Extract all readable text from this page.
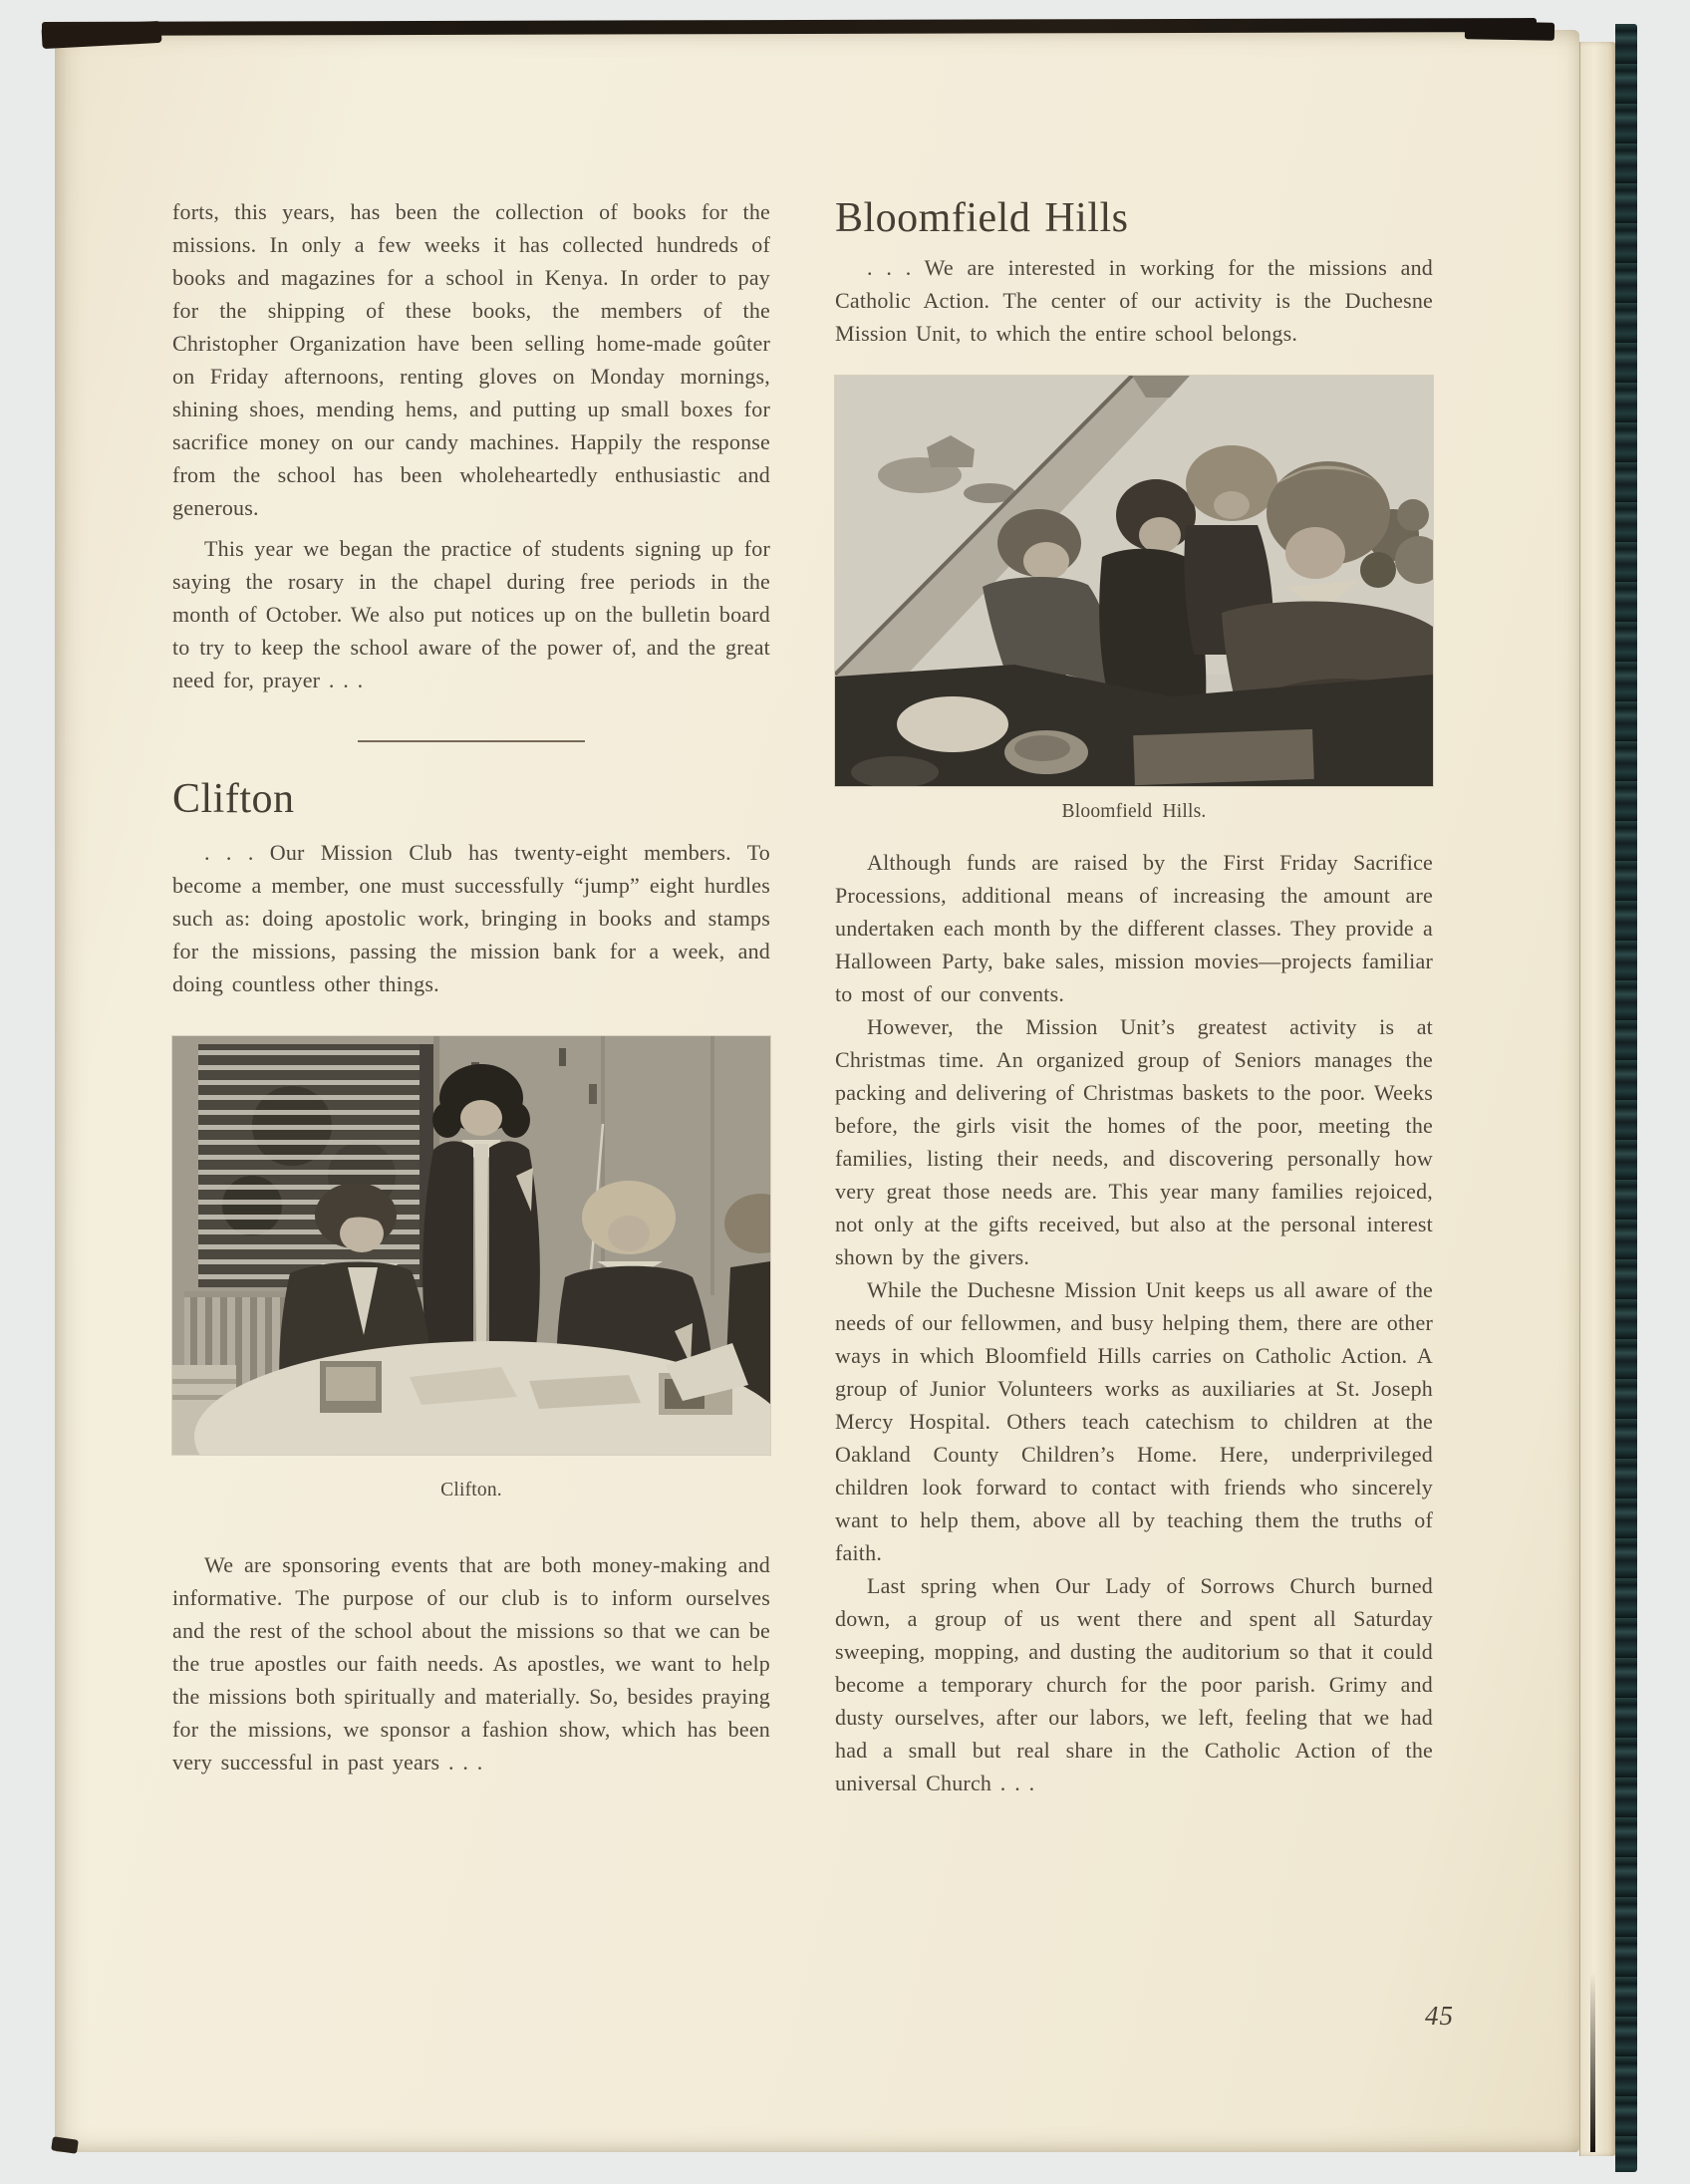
forts, this years, has been the collection of books for the missions. In only a few weeks it has collected hundreds of books and magazines for a school in Kenya. In order to pay for the shipping of these books, the members of the Christopher Organization have been selling home-made goûter on Friday afternoons, renting gloves on Monday mornings, shining shoes, mending hems, and putting up small boxes for sacrifice money on our candy machines. Happily the response from the school has been wholeheartedly enthusiastic and generous.

This year we began the practice of students signing up for saying the rosary in the chapel during free periods in the month of October. We also put notices up on the bulletin board to try to keep the school aware of the power of, and the great need for, prayer . . .

Clifton

. . . Our Mission Club has twenty-eight members. To become a member, one must successfully “jump” eight hurdles such as: doing apostolic work, bringing in books and stamps for the missions, passing the mission bank for a week, and doing countless other things.

Clifton.

We are sponsoring events that are both money-making and informative. The purpose of our club is to inform ourselves and the rest of the school about the missions so that we can be the true apostles our faith needs. As apostles, we want to help the missions both spiritually and materially. So, besides praying for the missions, we sponsor a fashion show, which has been very successful in past years . . .

Bloomfield Hills

. . . We are interested in working for the missions and Catholic Action. The center of our activity is the Duchesne Mission Unit, to which the entire school belongs.

Bloomfield Hills.

Although funds are raised by the First Friday Sacrifice Processions, additional means of increasing the amount are undertaken each month by the different classes. They provide a Halloween Party, bake sales, mission movies—projects familiar to most of our convents.

However, the Mission Unit’s greatest activity is at Christmas time. An organized group of Seniors manages the packing and delivering of Christmas baskets to the poor. Weeks before, the girls visit the homes of the poor, meeting the families, listing their needs, and discovering personally how very great those needs are. This year many families rejoiced, not only at the gifts received, but also at the personal interest shown by the givers.

While the Duchesne Mission Unit keeps us all aware of the needs of our fellowmen, and busy helping them, there are other ways in which Bloomfield Hills carries on Catholic Action. A group of Junior Volunteers works as auxiliaries at St. Joseph Mercy Hospital. Others teach catechism to children at the Oakland County Children’s Home. Here, underprivileged children look forward to contact with friends who sincerely want to help them, above all by teaching them the truths of faith.

Last spring when Our Lady of Sorrows Church burned down, a group of us went there and spent all Saturday sweeping, mopping, and dusting the auditorium so that it could become a temporary church for the poor parish. Grimy and dusty ourselves, after our labors, we left, feeling that we had had a small but real share in the Catholic Action of the universal Church . . .

45
